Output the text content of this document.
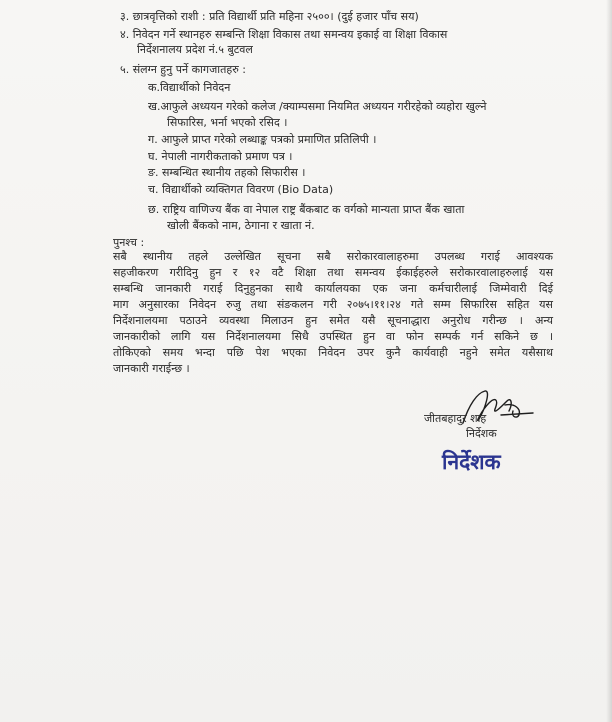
३. छात्रवृत्तिको राशी : प्रति विद्यार्थी प्रति महिना २५००। (दुई हजार पाँच सय)
४. निवेदन गर्ने स्थानहरु सम्बन्ति शिक्षा विकास तथा समन्वय इकाई वा शिक्षा विकास
निर्देशनालय प्रदेश नं.५ बुटवल
५. संलग्न हुनु पर्ने कागजातहरु :
क.विद्यार्थीको निवेदन
ख.आफुले अध्ययन गरेको कलेज /क्याम्पसमा नियमित अध्ययन गरीरहेको व्यहोरा खुल्ने
सिफारिस, भर्ना भएको रसिद ।
ग. आफुले प्राप्त गरेको लब्धाङ्क पत्रको प्रमाणित प्रतिलिपी ।
घ. नेपाली नागरीकताको प्रमाण पत्र ।
ङ. सम्बन्धित स्थानीय तहको सिफारीस ।
च. विद्यार्थीको व्यक्तिगत विवरण (Bio Data)
छ. राष्ट्रिय वाणिज्य बैंक वा नेपाल राष्ट्र बैंकबाट क वर्गको मान्यता प्राप्त बैंक खाता
खोली बैंकको नाम, ठेगाना र खाता नं.
पुनश्च :
सबै स्थानीय तहले उल्लेखित सूचना सबै सरोकारवालाहरुमा उपलब्ध गराई आवश्यक
सहजीकरण गरीदिनु हुन र १२ वटै शिक्षा तथा समन्वय ईकाईहरुले सरोकारवालाहरुलाई यस
सम्बन्धि जानकारी गराई दिनुहुनका साथै कार्यालयका एक जना कर्मचारीलाई जिम्मेवारी दिई
माग अनुसारका निवेदन रुजु तथा संङकलन गरी २०७५।११।२४ गते सम्म सिफारिस सहित यस
निर्देशनालयमा पठाउने व्यवस्था मिलाउन हुन समेत यसै सूचनाद्धारा अनुरोध गरीन्छ । अन्य
जानकारीको लागि यस निर्देशनालयमा सिधै उपस्थित हुन वा फोन सम्पर्क गर्न सकिने छ ।
तोकिएको समय भन्दा पछि पेश भएका निवेदन उपर कुनै कार्यवाही नहुने समेत यसैसाथ
जानकारी गराईन्छ ।
जीतबहादुर शाह
निर्देशक
निर्देशक
